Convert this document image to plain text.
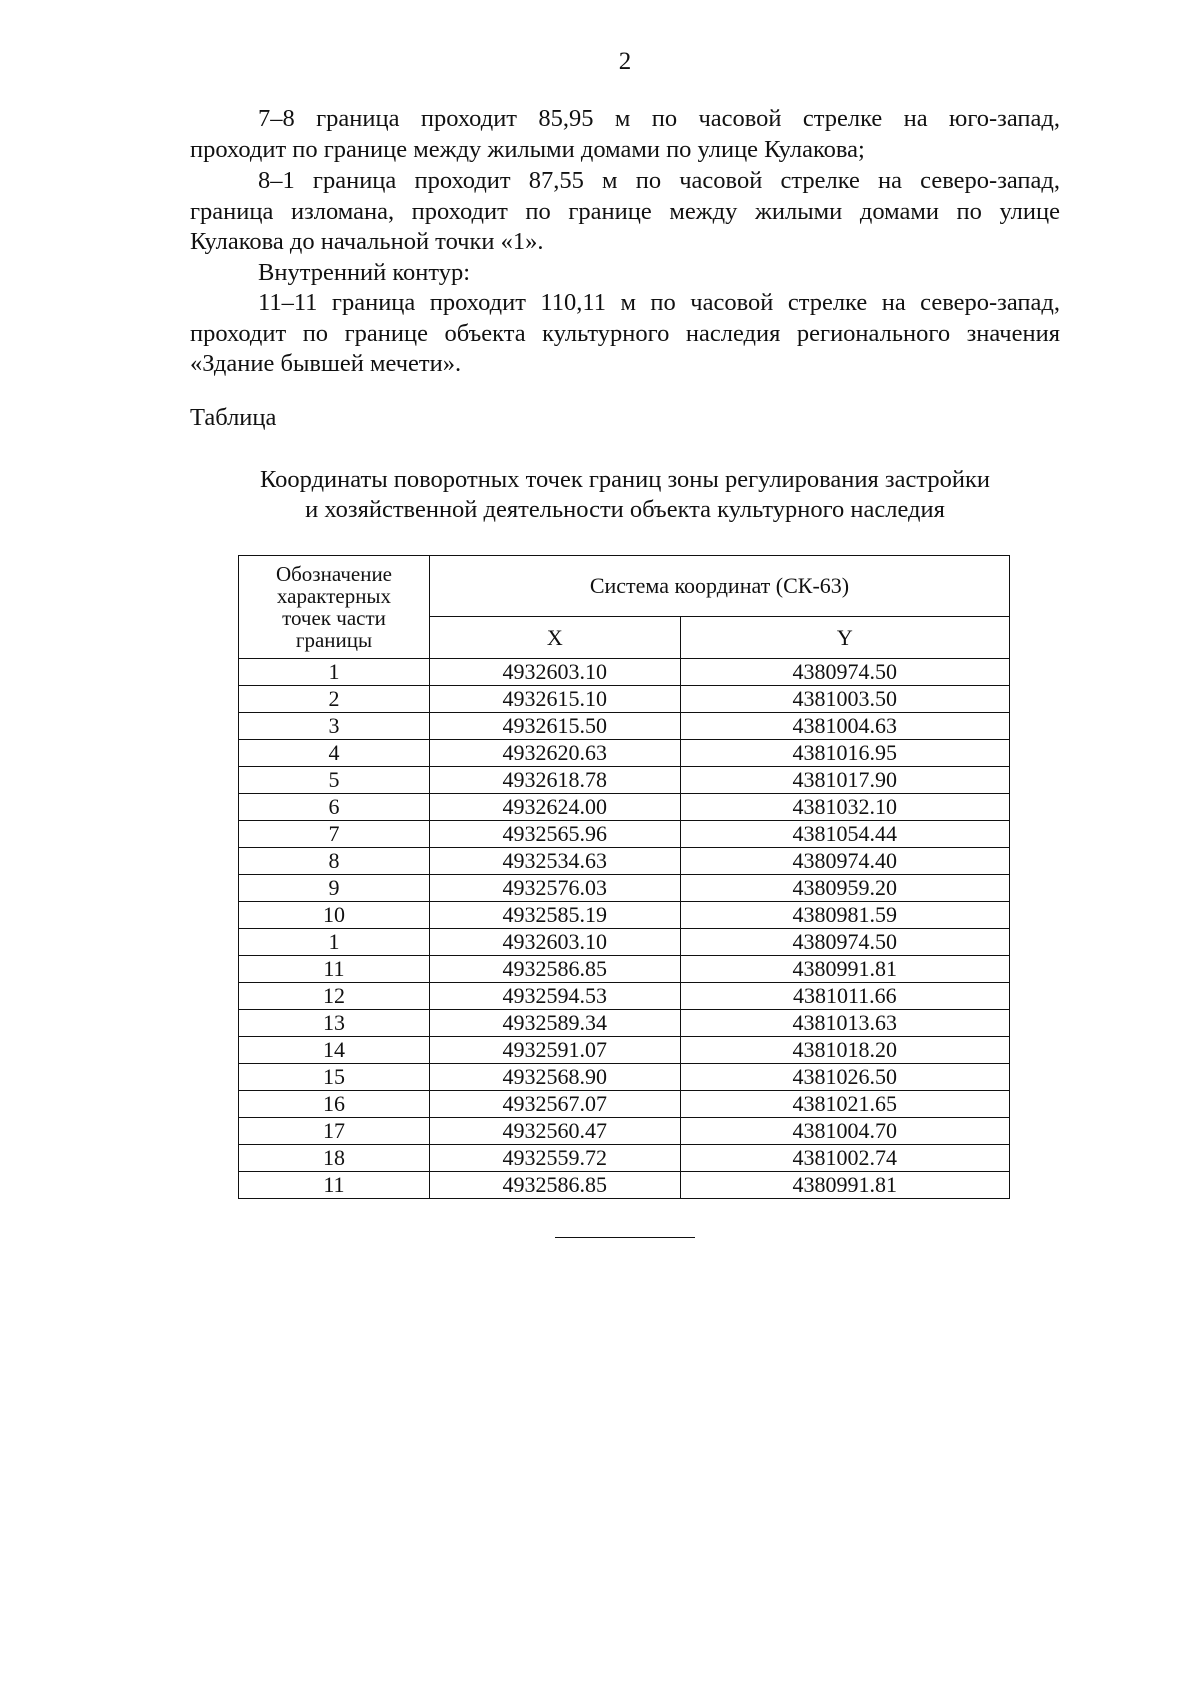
2
7–8 граница проходит 85,95 м по часовой стрелке на юго-запад,
проходит по границе между жилыми домами по улице Кулакова;
8–1 граница проходит 87,55 м по часовой стрелке на северо-запад,
граница изломана, проходит по границе между жилыми домами по улице
Кулакова до начальной точки «1».
Внутренний контур:
11–11 граница проходит 110,11 м по часовой стрелке на северо-запад,
проходит по границе объекта культурного наследия регионального значения
«Здание бывшей мечети».
Таблица
Координаты поворотных точек границ зоны регулирования застройки
и хозяйственной деятельности объекта культурного наследия
Обозначение характерных точек части границы	Система координат (СК-63)	
	X	Y
1	4932603.10	4380974.50
2	4932615.10	4381003.50
3	4932615.50	4381004.63
4	4932620.63	4381016.95
5	4932618.78	4381017.90
6	4932624.00	4381032.10
7	4932565.96	4381054.44
8	4932534.63	4380974.40
9	4932576.03	4380959.20
10	4932585.19	4380981.59
1	4932603.10	4380974.50
11	4932586.85	4380991.81
12	4932594.53	4381011.66
13	4932589.34	4381013.63
14	4932591.07	4381018.20
15	4932568.90	4381026.50
16	4932567.07	4381021.65
17	4932560.47	4381004.70
18	4932559.72	4381002.74
11	4932586.85	4380991.81
